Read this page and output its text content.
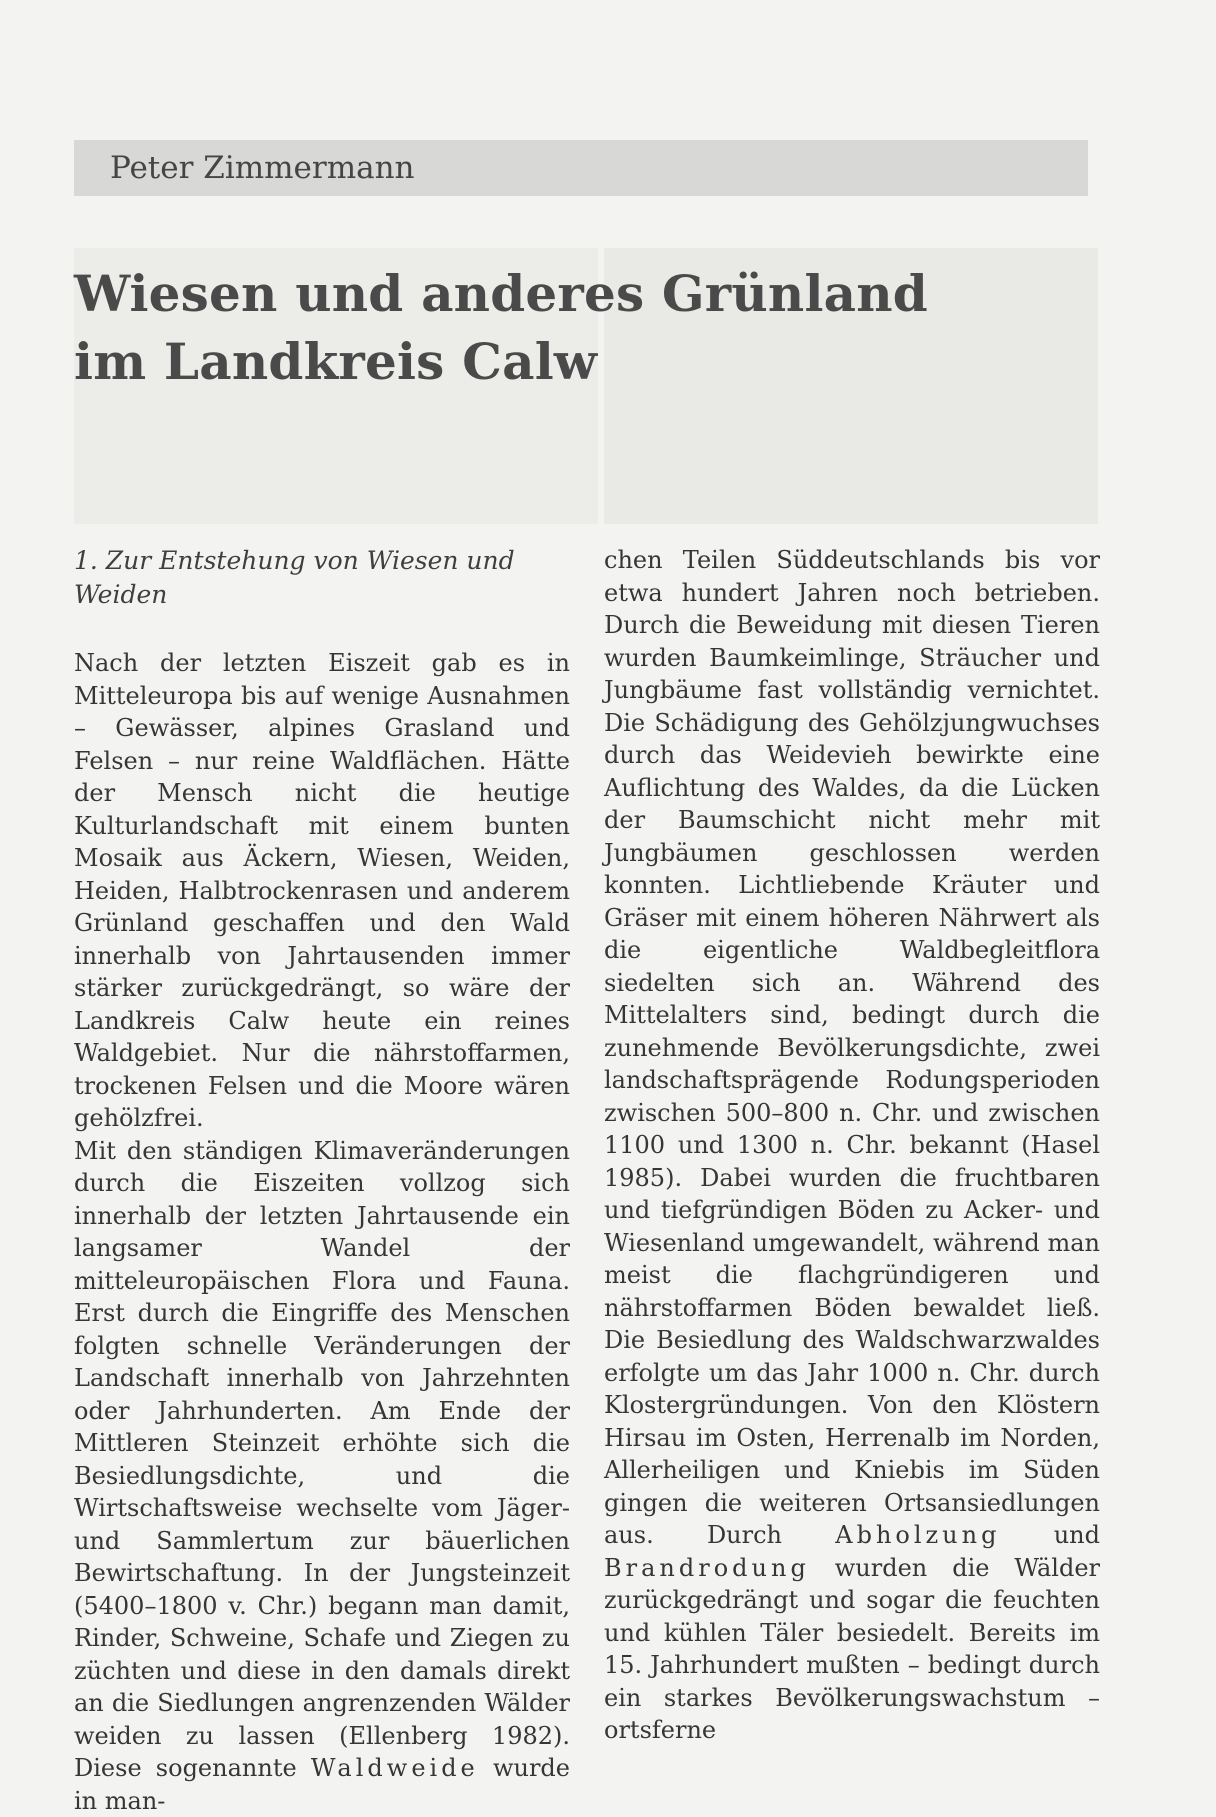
Peter Zimmermann
Wiesen und anderes Grünland
im Landkreis Calw
1. Zur Entstehung von Wiesen und Weiden

Nach der letzten Eiszeit gab es in Mitteleuropa bis auf wenige Ausnahmen – Gewässer, alpines Grasland und Felsen – nur reine Waldflächen. Hätte der Mensch nicht die heutige Kulturlandschaft mit einem bunten Mosaik aus Äckern, Wiesen, Weiden, Heiden, Halbtrockenrasen und anderem Grünland geschaffen und den Wald innerhalb von Jahrtausenden immer stärker zurückgedrängt, so wäre der Landkreis Calw heute ein reines Waldgebiet. Nur die nährstoffarmen, trockenen Felsen und die Moore wären gehölzfrei.

Mit den ständigen Klimaveränderungen durch die Eiszeiten vollzog sich innerhalb der letzten Jahrtausende ein langsamer Wandel der mitteleuropäischen Flora und Fauna. Erst durch die Eingriffe des Menschen folgten schnelle Veränderungen der Landschaft innerhalb von Jahrzehnten oder Jahrhunderten. Am Ende der Mittleren Steinzeit erhöhte sich die Besiedlungsdichte, und die Wirtschaftsweise wechselte vom Jäger- und Sammlertum zur bäuerlichen Bewirtschaftung. In der Jungsteinzeit (5400–1800 v. Chr.) begann man damit, Rinder, Schweine, Schafe und Ziegen zu züchten und diese in den damals direkt an die Siedlungen angrenzenden Wälder weiden zu lassen (Ellenberg 1982). Diese sogenannte Waldweide wurde in man-

chen Teilen Süddeutschlands bis vor etwa hundert Jahren noch betrieben. Durch die Beweidung mit diesen Tieren wurden Baumkeimlinge, Sträucher und Jungbäume fast vollständig vernichtet. Die Schädigung des Gehölzjungwuchses durch das Weidevieh bewirkte eine Auflichtung des Waldes, da die Lücken der Baumschicht nicht mehr mit Jungbäumen geschlossen werden konnten. Lichtliebende Kräuter und Gräser mit einem höheren Nährwert als die eigentliche Waldbegleitflora siedelten sich an. Während des Mittelalters sind, bedingt durch die zunehmende Bevölkerungsdichte, zwei landschaftsprägende Rodungsperioden zwischen 500–800 n. Chr. und zwischen 1100 und 1300 n. Chr. bekannt (Hasel 1985). Dabei wurden die fruchtbaren und tiefgründigen Böden zu Acker- und Wiesenland umgewandelt, während man meist die flachgründigeren und nährstoffarmen Böden bewaldet ließ. Die Besiedlung des Waldschwarzwaldes erfolgte um das Jahr 1000 n. Chr. durch Klostergründungen. Von den Klöstern Hirsau im Osten, Herrenalb im Norden, Allerheiligen und Kniebis im Süden gingen die weiteren Ortsansiedlungen aus. Durch Abholzung und Brandrodung wurden die Wälder zurückgedrängt und sogar die feuchten und kühlen Täler besiedelt. Bereits im 15. Jahrhundert mußten – bedingt durch ein starkes Bevölkerungswachstum – ortsferne
